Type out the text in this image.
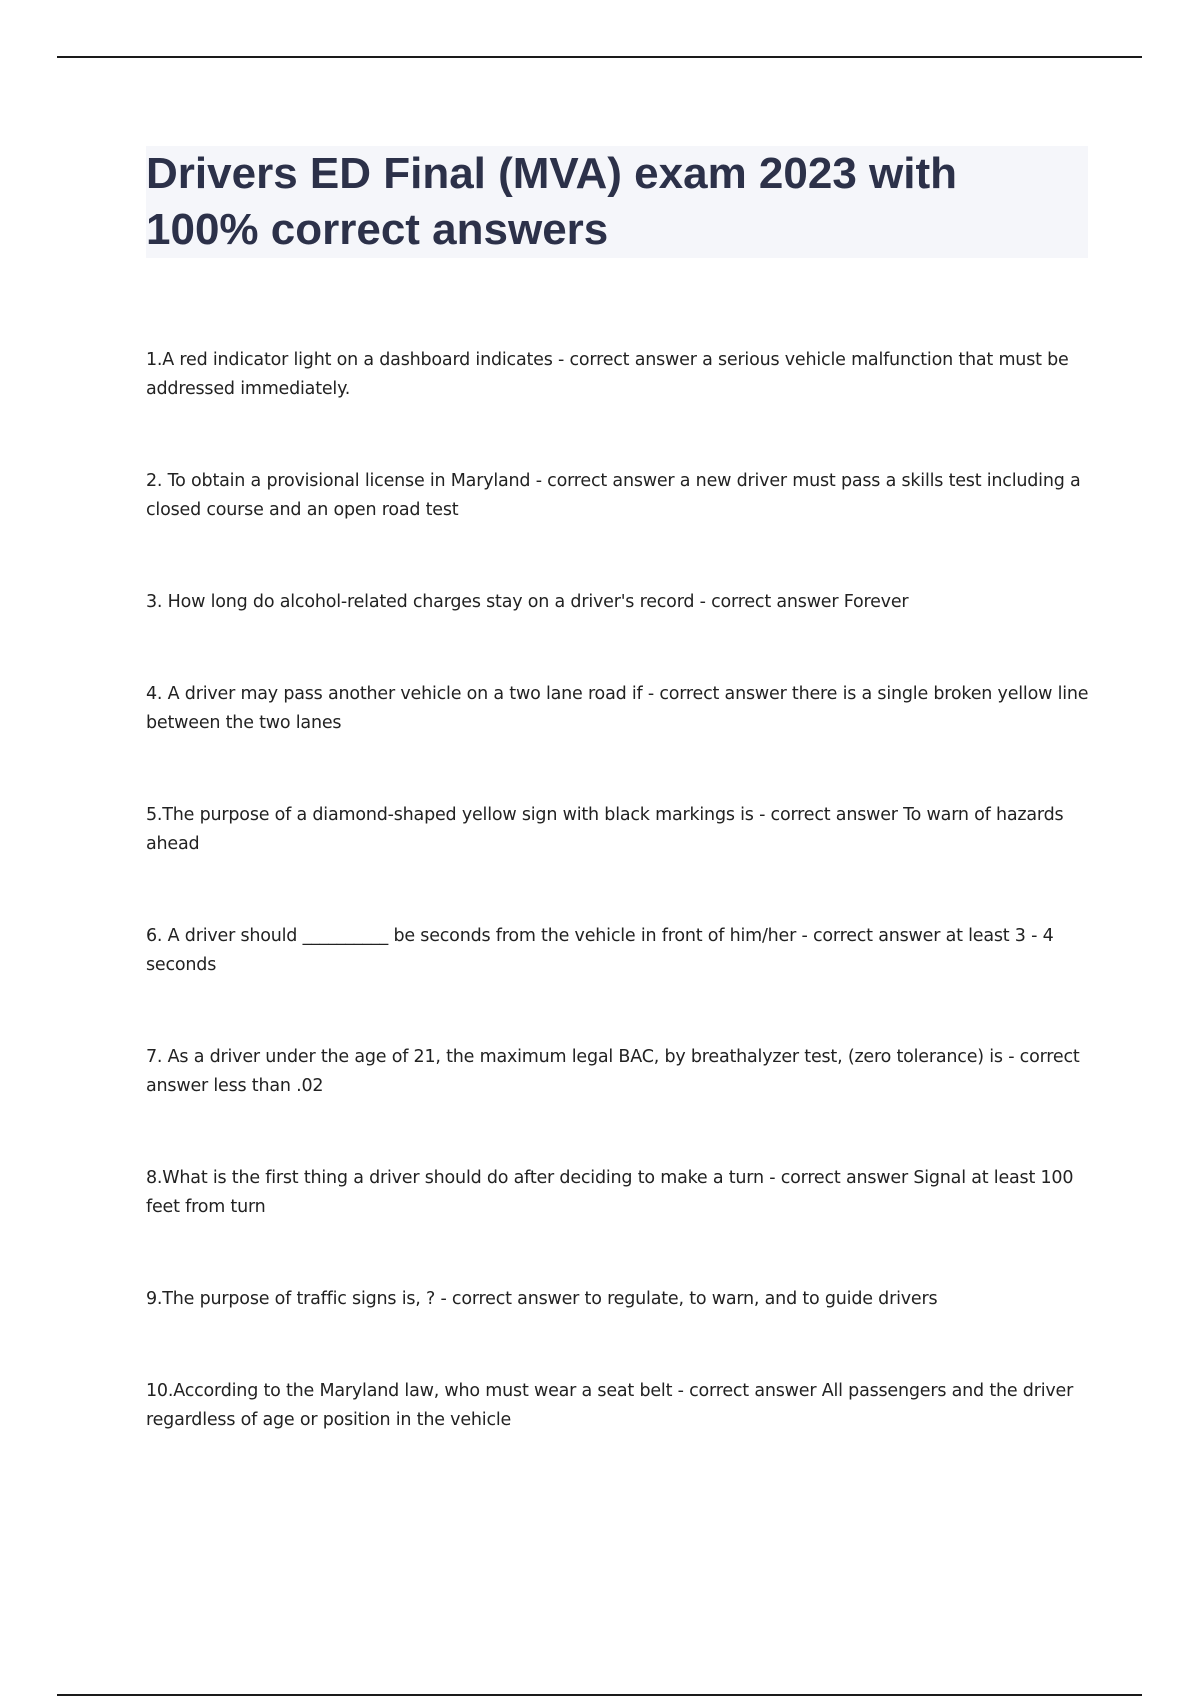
Drivers ED Final (MVA) exam 2023 with
100% correct answers

1.A red indicator light on a dashboard indicates - correct answer a serious vehicle malfunction that must be addressed immediately.

2. To obtain a provisional license in Maryland - correct answer a new driver must pass a skills test including a closed course and an open road test

3. How long do alcohol-related charges stay on a driver's record - correct answer Forever

4. A driver may pass another vehicle on a two lane road if - correct answer there is a single broken yellow line between the two lanes

5.The purpose of a diamond-shaped yellow sign with black markings is - correct answer To warn of hazards ahead

6. A driver should __________ be seconds from the vehicle in front of him/her - correct answer at least 3 - 4 seconds

7. As a driver under the age of 21, the maximum legal BAC, by breathalyzer test, (zero tolerance) is - correct answer less than .02

8.What is the first thing a driver should do after deciding to make a turn - correct answer Signal at least 100 feet from turn

9.The purpose of traffic signs is, ? - correct answer to regulate, to warn, and to guide drivers

10.According to the Maryland law, who must wear a seat belt - correct answer All passengers and the driver regardless of age or position in the vehicle
